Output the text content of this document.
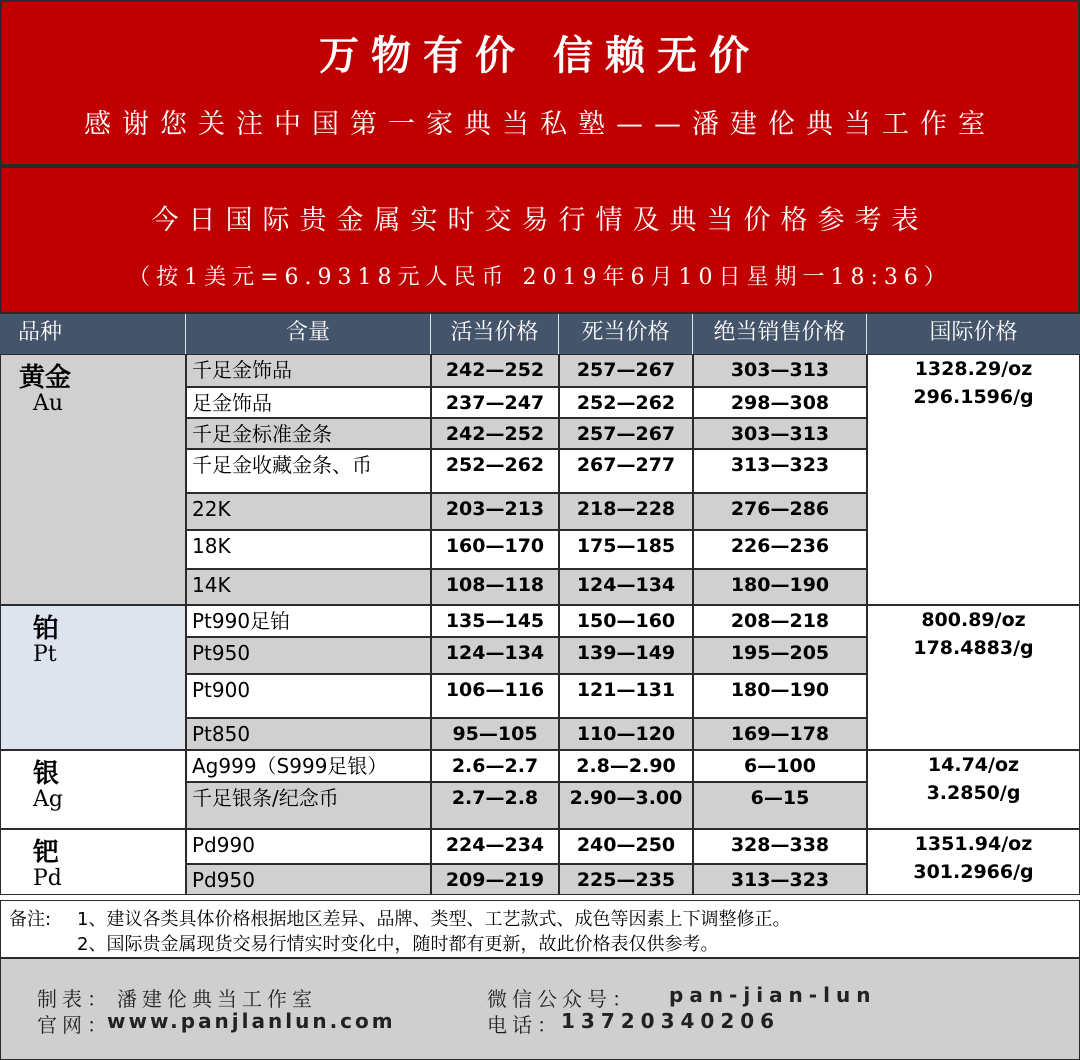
万物有价 信赖无价
感谢您关注中国第一家典当私塾——潘建伦典当工作室
今日国际贵金属实时交易行情及典当价格参考表
（按1美元=6.9318元人民币 2019年6月10日星期一18:36）
品种	含量	活当价格	死当价格	绝当销售价格	国际价格
黄金
Au
千足金饰品	242—252	257—267	303—313
足金饰品	237—247	252—262	298—308
千足金标准金条	242—252	257—267	303—313
千足金收藏金条、币	252—262	267—277	313—323
22K	203—213	218—228	276—286
18K	160—170	175—185	226—236
14K	108—118	124—134	180—190
1328.29/oz
296.1596/g
铂
Pt
Pt990足铂	135—145	150—160	208—218
Pt950	124—134	139—149	195—205
Pt900	106—116	121—131	180—190
Pt850	95—105	110—120	169—178
800.89/oz
178.4883/g
银
Ag
Ag999（S999足银）	2.6—2.7	2.8—2.90	6—100
千足银条/纪念币	2.7—2.8	2.90—3.00	6—15
14.74/oz
3.2850/g
钯
Pd
Pd990	224—234	240—250	328—338
Pd950	209—219	225—235	313—323
1351.94/oz
301.2966/g
备注: 1、建议各类具体价格根据地区差异、品牌、类型、工艺款式、成色等因素上下调整修正。
2、国际贵金属现货交易行情实时变化中，随时都有更新，故此价格表仅供参考。
制表： 潘建伦典当工作室
官网：
www.panjlanlun.com
微信公众号： pan-jian-lun
电话： 13720340206
